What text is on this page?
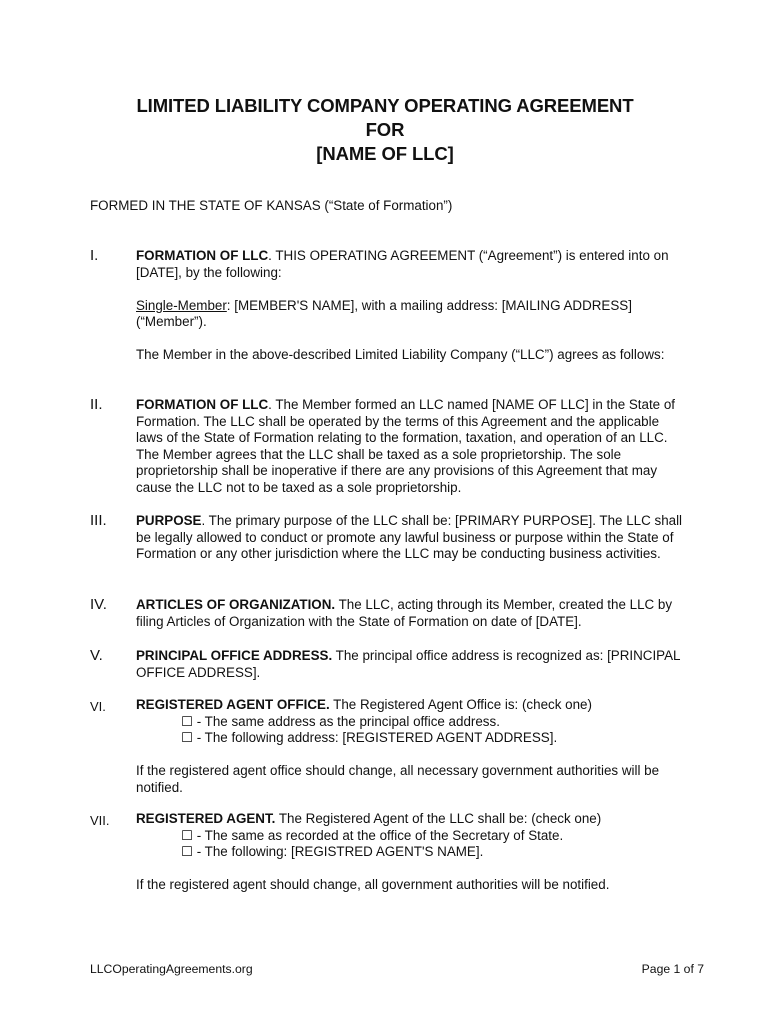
LIMITED LIABILITY COMPANY OPERATING AGREEMENT
FOR
[NAME OF LLC]
FORMED IN THE STATE OF KANSAS (“State of Formation”)
I.	FORMATION OF LLC. THIS OPERATING AGREEMENT (“Agreement”) is entered into on [DATE], by the following:

Single-Member: [MEMBER'S NAME], with a mailing address: [MAILING ADDRESS] (“Member”).

The Member in the above-described Limited Liability Company (“LLC”) agrees as follows:

II. FORMATION OF LLC. The Member formed an LLC named [NAME OF LLC] in the State of Formation. The LLC shall be operated by the terms of this Agreement and the applicable laws of the State of Formation relating to the formation, taxation, and operation of an LLC. The Member agrees that the LLC shall be taxed as a sole proprietorship. The sole proprietorship shall be inoperative if there are any provisions of this Agreement that may cause the LLC not to be taxed as a sole proprietorship.

III. PURPOSE. The primary purpose of the LLC shall be: [PRIMARY PURPOSE]. The LLC shall be legally allowed to conduct or promote any lawful business or purpose within the State of Formation or any other jurisdiction where the LLC may be conducting business activities.

IV. ARTICLES OF ORGANIZATION. The LLC, acting through its Member, created the LLC by filing Articles of Organization with the State of Formation on date of [DATE].

V. PRINCIPAL OFFICE ADDRESS. The principal office address is recognized as: [PRINCIPAL OFFICE ADDRESS].

VI. REGISTERED AGENT OFFICE. The Registered Agent Office is: (check one)

☐ - The same address as the principal office address.

☐ - The following address: [REGISTERED AGENT ADDRESS].

If the registered agent office should change, all necessary government authorities will be notified.

VII. REGISTERED AGENT. The Registered Agent of the LLC shall be: (check one)

☐ - The same as recorded at the office of the Secretary of State.

☐ - The following: [REGISTRED AGENT'S NAME].

If the registered agent should change, all government authorities will be notified.

LLCOperatingAgreements.org	Page 1 of 7
